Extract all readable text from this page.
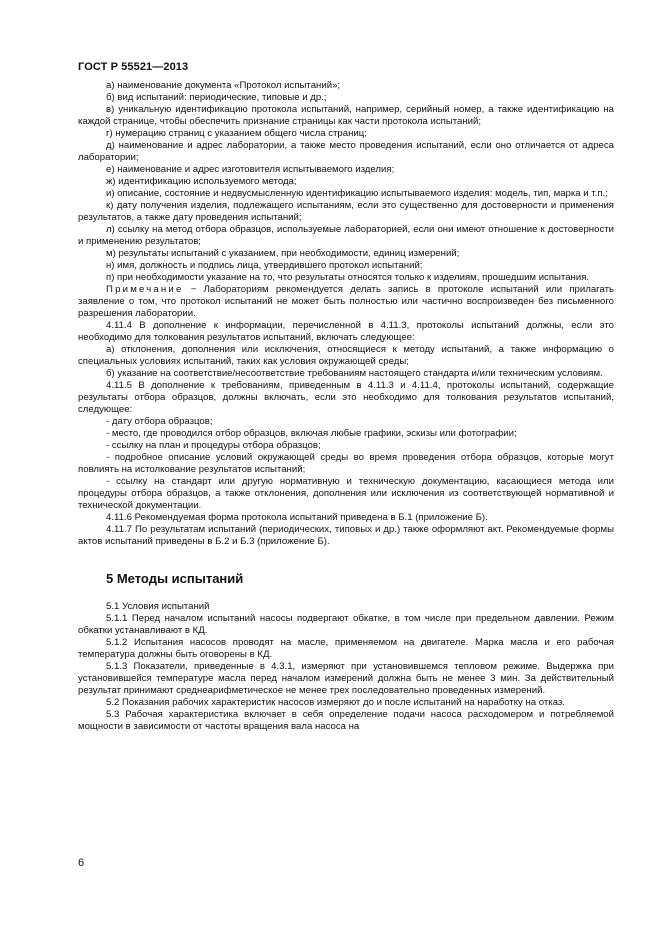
ГОСТ Р 55521—2013
а) наименование документа «Протокол испытаний»;
б) вид испытаний: периодические, типовые и др.;
в) уникальную идентификацию протокола испытаний, например, серийный номер, а также идентификацию на каждой странице, чтобы обеспечить признание страницы как части протокола испытаний;
г) нумерацию страниц с указанием общего числа страниц;
д) наименование и адрес лаборатории, а также место проведения испытаний, если оно отличается от адреса лаборатории;
е) наименование и адрес изготовителя испытываемого изделия;
ж) идентификацию используемого метода;
и) описание, состояние и недвусмысленную идентификацию испытываемого изделия: модель, тип, марка и т.п.;
к) дату получения изделия, подлежащего испытаниям, если это существенно для достоверности и применения результатов, а также дату проведения испытаний;
л) ссылку на метод отбора образцов, используемые лабораторией, если они имеют отношение к достоверности и применению результатов;
м) результаты испытаний с указанием, при необходимости, единиц измерений;
н) имя, должность и подпись лица, утвердившего протокол испытаний;
п) при необходимости указание на то, что результаты относятся только к изделиям, прошедшим испытания.
Примечание − Лабораториям рекомендуется делать запись в протоколе испытаний или прилагать заявление о том, что протокол испытаний не может быть полностью или частично воспроизведен без письменного разрешения лаборатории.
4.11.4 В дополнение к информации, перечисленной в 4.11.3, протоколы испытаний должны, если это необходимо для толкования результатов испытаний, включать следующее:
а) отклонения, дополнения или исключения, относящиеся к методу испытаний, а также информацию о специальных условиях испытаний, таких как условия окружающей среды;
б) указание на соответствие/несоответствие требованиям настоящего стандарта и/или техническим условиям.
4.11.5 В дополнение к требованиям, приведенным в 4.11.3 и 4.11.4, протоколы испытаний, содержащие результаты отбора образцов, должны включать, если это необходимо для толкования результатов испытаний, следующее:
- дату отбора образцов;
- место, где проводился отбор образцов, включая любые графики, эскизы или фотографии;
- ссылку на план и процедуры отбора образцов;
- подробное описание условий окружающей среды во время проведения отбора образцов, которые могут повлиять на истолкование результатов испытаний;
- ссылку на стандарт или другую нормативную и техническую документацию, касающиеся метода или процедуры отбора образцов, а также отклонения, дополнения или исключения из соответствующей нормативной и технической документации.
4.11.6 Рекомендуемая форма протокола испытаний приведена в Б.1 (приложение Б).
4.11.7 По результатам испытаний (периодических, типовых и др.) также оформляют акт. Рекомендуемые формы актов испытаний приведены в Б.2 и Б.3 (приложение Б).
5 Методы испытаний
5.1 Условия испытаний
5.1.1 Перед началом испытаний насосы подвергают обкатке, в том числе при предельном давлении. Режим обкатки устанавливают в КД.
5.1.2 Испытания насосов проводят на масле, применяемом на двигателе. Марка масла и его рабочая температура должны быть оговорены в КД.
5.1.3 Показатели, приведенные в 4.3.1, измеряют при установившемся тепловом режиме. Выдержка при установившейся температуре масла перед началом измерений должна быть не менее 3 мин. За действительный результат принимают среднеарифметическое не менее трех последовательно проведенных измерений.
5.2 Показания рабочих характеристик насосов измеряют до и после испытаний на наработку на отказ.
5.3 Рабочая характеристика включает в себя определение подачи насоса расходомером и потребляемой мощности в зависимости от частоты вращения вала насоса на
6
